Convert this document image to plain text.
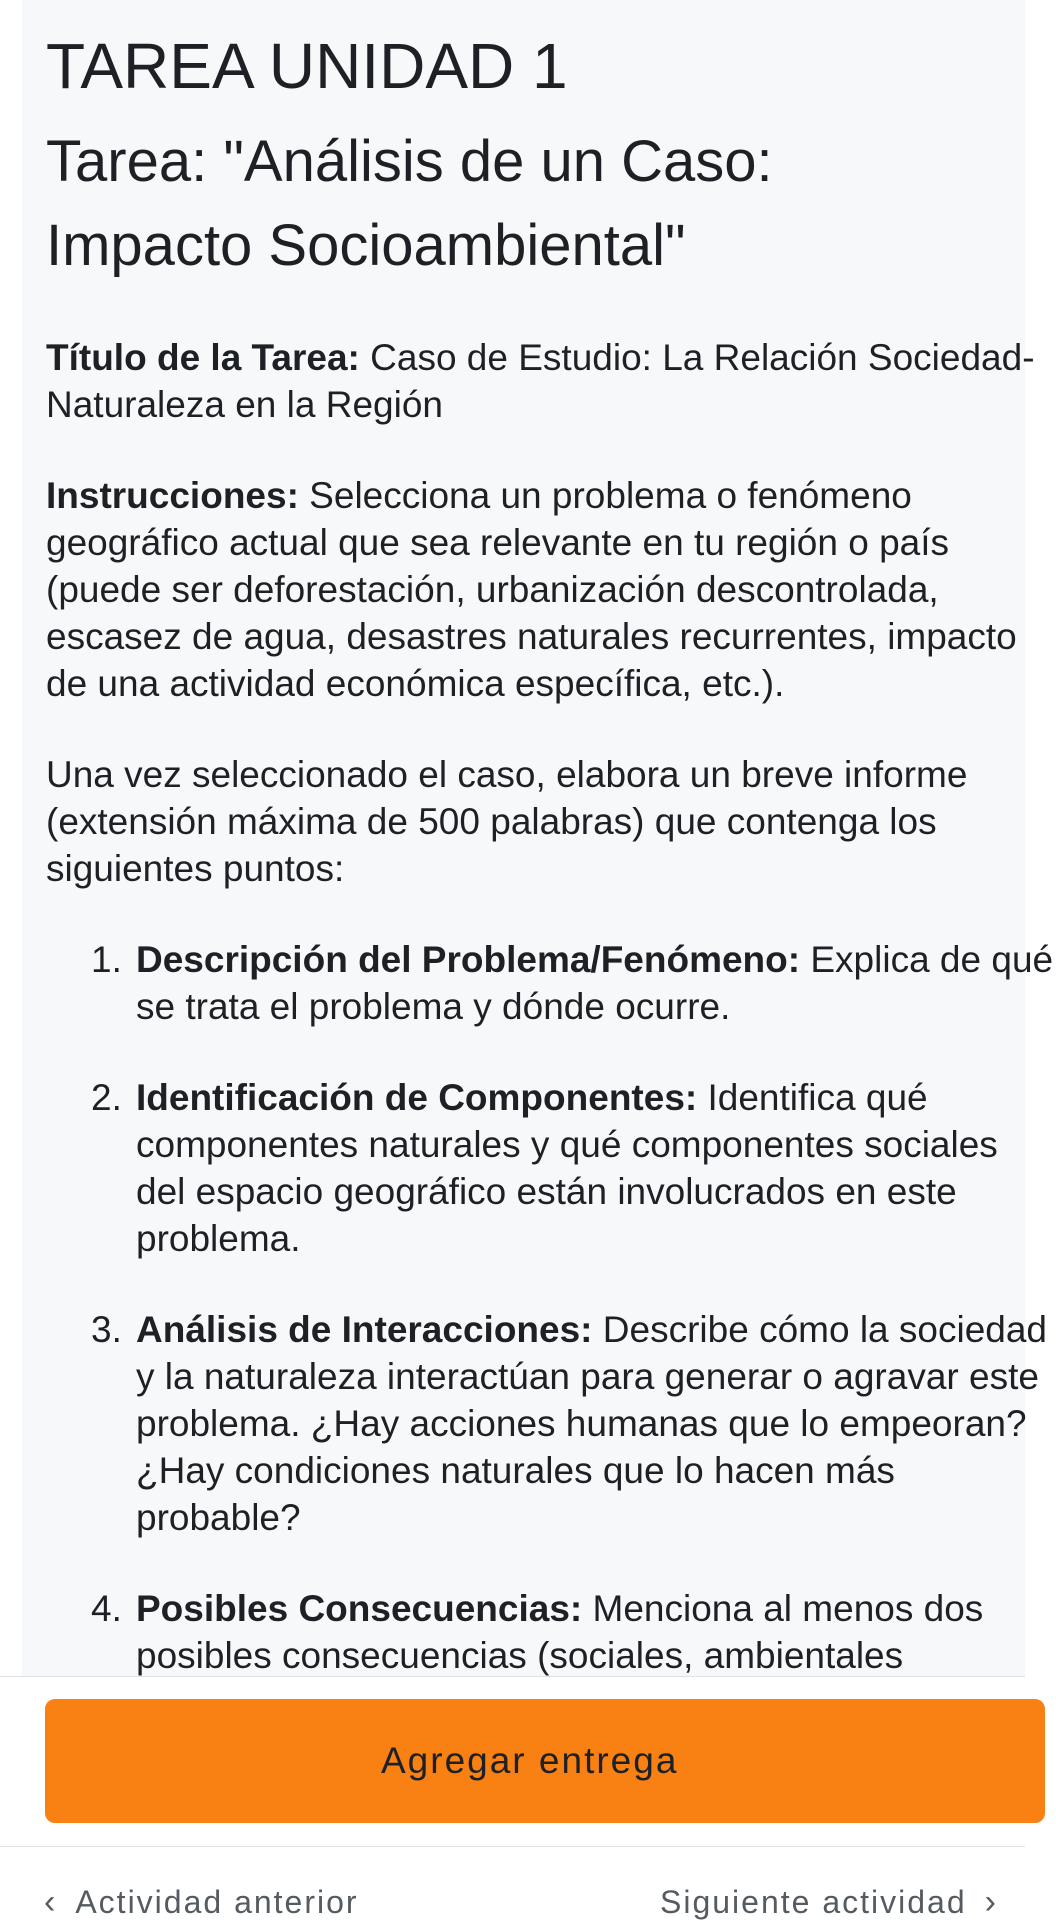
TAREA UNIDAD 1
Tarea: "Análisis de un Caso: Impacto Socioambiental"

Título de la Tarea: Caso de Estudio: La Relación Sociedad-Naturaleza en la Región

Instrucciones: Selecciona un problema o fenómeno geográfico actual que sea relevante en tu región o país (puede ser deforestación, urbanización descontrolada, escasez de agua, desastres naturales recurrentes, impacto de una actividad económica específica, etc.).

Una vez seleccionado el caso, elabora un breve informe (extensión máxima de 500 palabras) que contenga los siguientes puntos:

1. Descripción del Problema/Fenómeno: Explica de qué se trata el problema y dónde ocurre.
2. Identificación de Componentes: Identifica qué componentes naturales y qué componentes sociales del espacio geográfico están involucrados en este problema.
3. Análisis de Interacciones: Describe cómo la sociedad y la naturaleza interactúan para generar o agravar este problema. ¿Hay acciones humanas que lo empeoran? ¿Hay condiciones naturales que lo hacen más probable?
4. Posibles Consecuencias: Menciona al menos dos posibles consecuencias (sociales, ambientales
Agregar entrega
‹ Actividad anterior	Siguiente actividad ›
